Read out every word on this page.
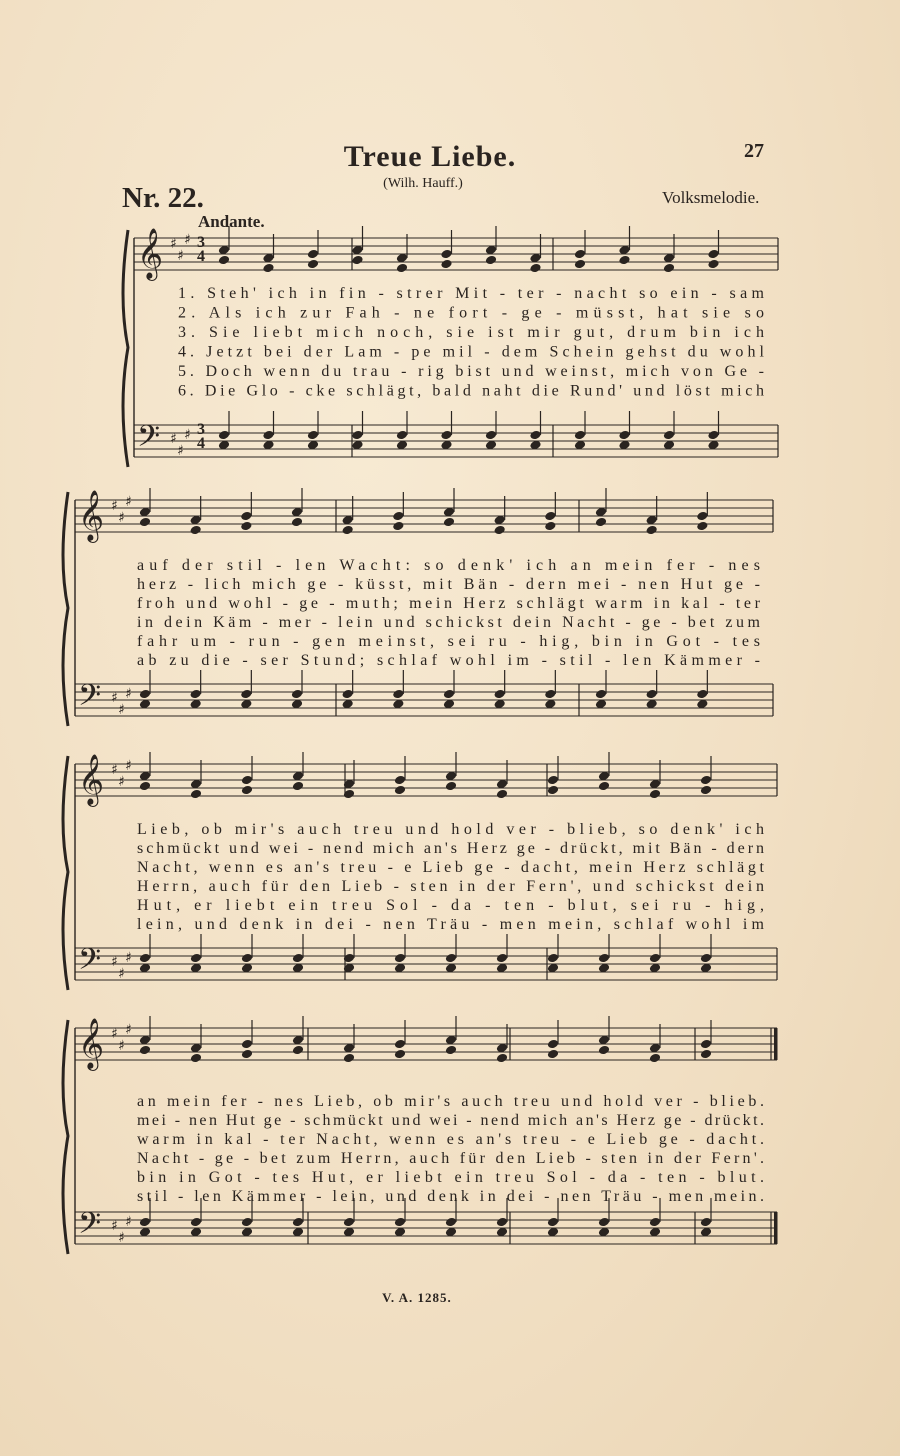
27
Treue Liebe.
(Wilh. Hauff.)
Nr. 22.	Volksmelodie.
Andante.
𝄞
𝄢
♯
♯
♯
♯
♯
♯
1. Steh' ich in fin - strer Mit - ter - nacht so ein - sam
2. Als ich zur Fah - ne fort - ge - müsst, hat sie so
3. Sie liebt mich noch, sie ist mir gut, drum bin ich
4. Jetzt bei der Lam - pe mil - dem Schein gehst du wohl
5. Doch wenn du trau - rig bist und weinst, mich von Ge -
6. Die Glo - cke schlägt, bald naht die Rund' und löst mich
𝄞
𝄢
♯
♯
♯
♯
♯
♯
auf der stil - len Wacht: so denk' ich an mein fer - nes
herz - lich mich ge - küsst, mit Bän - dern mei - nen Hut ge -
froh und wohl - ge - muth; mein Herz schlägt warm in kal - ter
in dein Käm - mer - lein und schickst dein Nacht - ge - bet zum
fahr um - run - gen meinst, sei ru - hig, bin in Got - tes
ab zu die - ser Stund; schlaf wohl im - stil - len Kämmer -
𝄞
𝄢
♯
♯
♯
♯
♯
♯
Lieb, ob mir's auch treu und hold ver - blieb, so denk' ich
schmückt und wei - nend mich an's Herz ge - drückt, mit Bän - dern
Nacht, wenn es an's treu - e Lieb ge - dacht, mein Herz schlägt
Herrn, auch für den Lieb - sten in der Fern', und schickst dein
Hut, er liebt ein treu Sol - da - ten - blut, sei ru - hig,
lein, und denk in dei - nen Träu - men mein, schlaf wohl im
𝄞
𝄢
♯
♯
♯
♯
♯
♯
an mein fer - nes Lieb, ob mir's auch treu und hold ver - blieb.
mei - nen Hut ge - schmückt und wei - nend mich an's Herz ge - drückt.
warm in kal - ter Nacht, wenn es an's treu - e Lieb ge - dacht.
Nacht - ge - bet zum Herrn, auch für den Lieb - sten in der Fern'.
bin in Got - tes Hut, er liebt ein treu Sol - da - ten - blut.
stil - len Kämmer - lein, und denk in dei - nen Träu - men mein.
3
3
4
4
V. A. 1285.
